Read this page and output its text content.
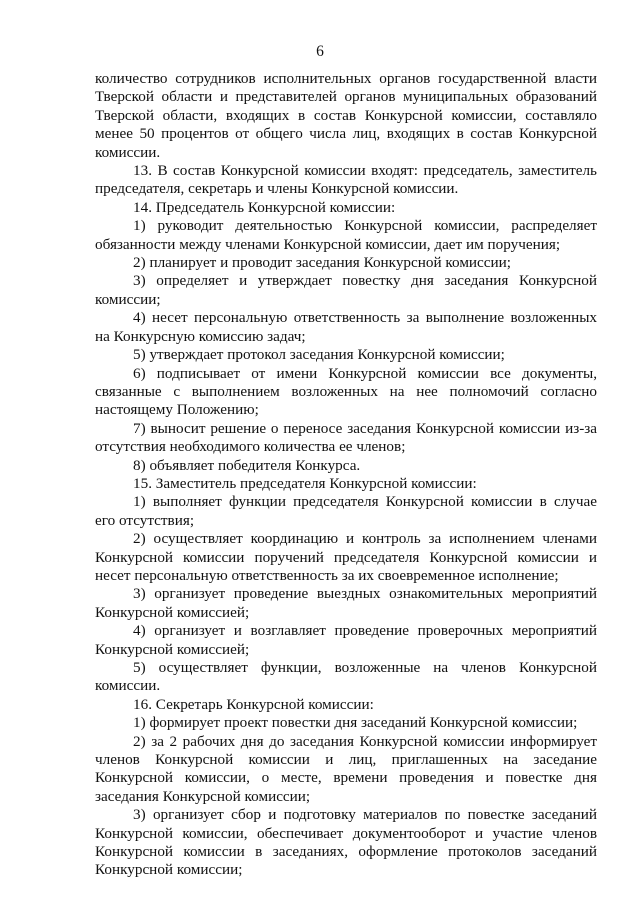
6

количество сотрудников исполнительных органов государственной власти Тверской области и представителей органов муниципальных образований Тверской области, входящих в состав Конкурсной комиссии, составляло менее 50 процентов от общего числа лиц, входящих в состав Конкурсной комиссии.

13. В состав Конкурсной комиссии входят: председатель, заместитель председателя, секретарь и члены Конкурсной комиссии.

14. Председатель Конкурсной комиссии:

1) руководит деятельностью Конкурсной комиссии, распределяет обязанности между членами Конкурсной комиссии, дает им поручения;

2) планирует и проводит заседания Конкурсной комиссии;

3) определяет и утверждает повестку дня заседания Конкурсной комиссии;

4) несет персональную ответственность за выполнение возложенных на Конкурсную комиссию задач;

5) утверждает протокол заседания Конкурсной комиссии;

6) подписывает от имени Конкурсной комиссии все документы, связанные с выполнением возложенных на нее полномочий согласно настоящему Положению;

7) выносит решение о переносе заседания Конкурсной комиссии из-за отсутствия необходимого количества ее членов;

8) объявляет победителя Конкурса.

15. Заместитель председателя Конкурсной комиссии:

1) выполняет функции председателя Конкурсной комиссии в случае его отсутствия;

2) осуществляет координацию и контроль за исполнением членами Конкурсной комиссии поручений председателя Конкурсной комиссии и несет персональную ответственность за их своевременное исполнение;

3) организует проведение выездных ознакомительных мероприятий Конкурсной комиссией;

4) организует и возглавляет проведение проверочных мероприятий Конкурсной комиссией;

5) осуществляет функции, возложенные на членов Конкурсной комиссии.

16. Секретарь Конкурсной комиссии:

1) формирует проект повестки дня заседаний Конкурсной комиссии;

2) за 2 рабочих дня до заседания Конкурсной комиссии информирует членов Конкурсной комиссии и лиц, приглашенных на заседание Конкурсной комиссии, о месте, времени проведения и повестке дня заседания Конкурсной комиссии;

3) организует сбор и подготовку материалов по повестке заседаний Конкурсной комиссии, обеспечивает документооборот и участие членов Конкурсной комиссии в заседаниях, оформление протоколов заседаний Конкурсной комиссии;
